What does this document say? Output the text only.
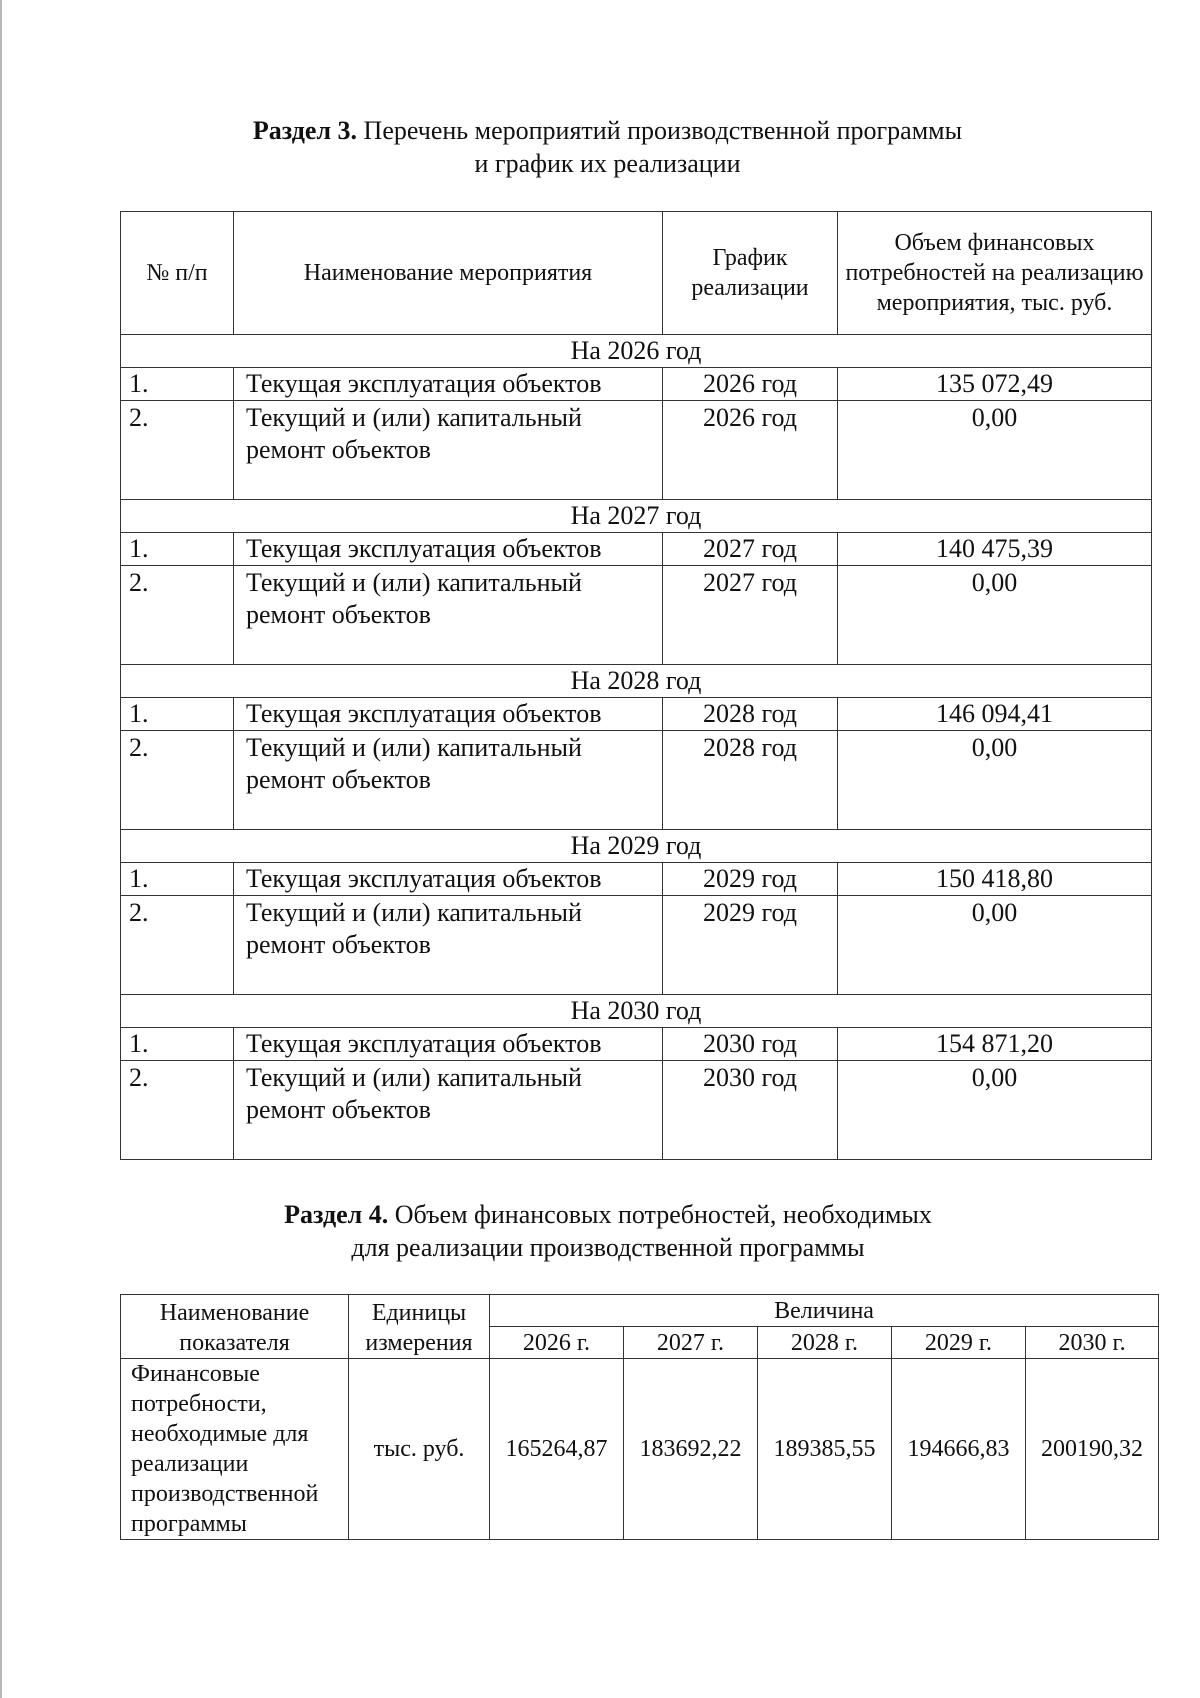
Раздел 3. Перечень мероприятий производственной программы
и график их реализации
№ п/п	Наименование мероприятия	График реализации	Объем финансовых потребностей на реализацию мероприятия, тыс. руб.
На 2026 год			
1.	Текущая эксплуатация объектов	2026 год	135 072,49
2.	Текущий и (или) капитальный ремонт объектов	2026 год	0,00
На 2027 год			
1.	Текущая эксплуатация объектов	2027 год	140 475,39
2.	Текущий и (или) капитальный ремонт объектов	2027 год	0,00
На 2028 год			
1.	Текущая эксплуатация объектов	2028 год	146 094,41
2.	Текущий и (или) капитальный ремонт объектов	2028 год	0,00
На 2029 год			
1.	Текущая эксплуатация объектов	2029 год	150 418,80
2.	Текущий и (или) капитальный ремонт объектов	2029 год	0,00
На 2030 год			
1.	Текущая эксплуатация объектов	2030 год	154 871,20
2.	Текущий и (или) капитальный ремонт объектов	2030 год	0,00
Раздел 4. Объем финансовых потребностей, необходимых
для реализации производственной программы
Наименование показателя	Единицы измерения	Величина				
		2026 г.	2027 г.	2028 г.	2029 г.	2030 г.
Финансовые потребности, необходимые для реализации производственной программы	тыс. руб.	165264,87	183692,22	189385,55	194666,83	200190,32
